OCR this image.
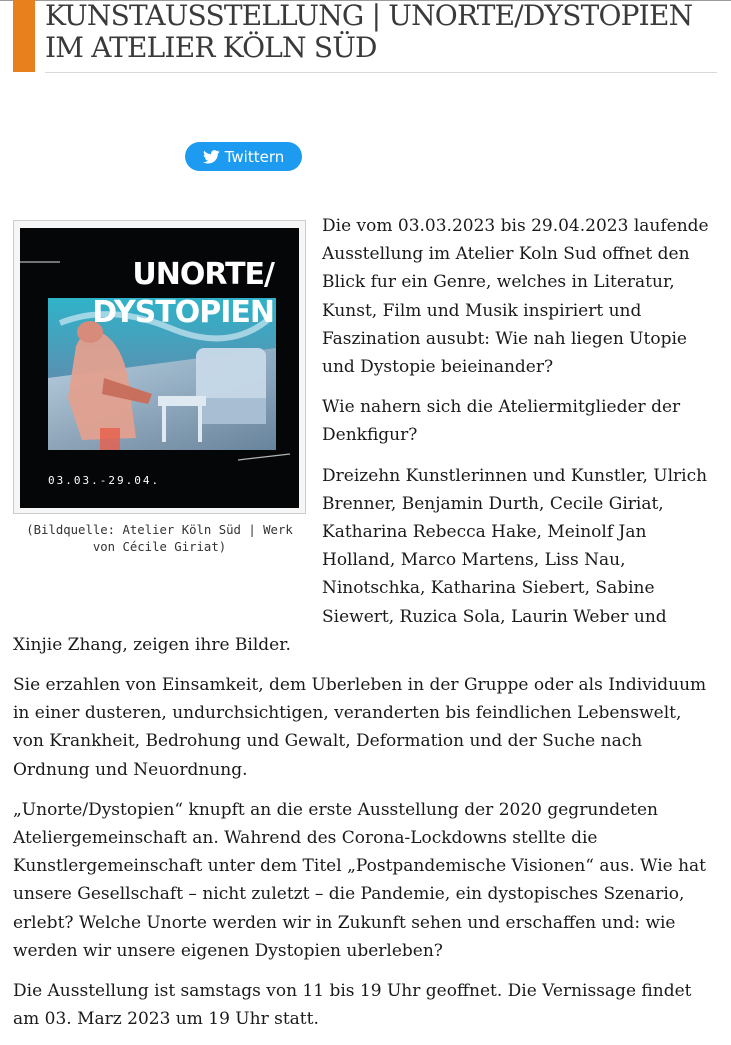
KUNSTAUSSTELLUNG | UNORTE/DYSTOPIEN IM ATELIER KÖLN SÜD
Twittern
UNORTE/
DYSTOPIEN
03.03.-29.04.

(Bildquelle: Atelier Köln Süd | Werk von Cécile Giriat)

Die vom 03.03.2023 bis 29.04.2023 laufende Ausstellung im Atelier Koln Sud offnet den Blick fur ein Genre, welches in Literatur, Kunst, Film und Musik inspiriert und Faszination ausubt: Wie nah liegen Utopie und Dystopie beieinander?

Wie nahern sich die Ateliermitglieder der Denkfigur?

Dreizehn Kunstlerinnen und Kunstler, Ulrich Brenner, Benjamin Durth, Cecile Giriat, Katharina Rebecca Hake, Meinolf Jan Holland, Marco Martens, Liss Nau, Ninotschka, Katharina Siebert, Sabine Siewert, Ruzica Sola, Laurin Weber und Xinjie Zhang, zeigen ihre Bilder.

Sie erzahlen von Einsamkeit, dem Uberleben in der Gruppe oder als Individuum in einer dusteren, undurchsichtigen, veranderten bis feindlichen Lebenswelt, von Krankheit, Bedrohung und Gewalt, Deformation und der Suche nach Ordnung und Neuordnung.

„Unorte/Dystopien“ knupft an die erste Ausstellung der 2020 gegrundeten Ateliergemeinschaft an. Wahrend des Corona-Lockdowns stellte die Kunstlergemeinschaft unter dem Titel „Postpandemische Visionen“ aus. Wie hat unsere Gesellschaft – nicht zuletzt – die Pandemie, ein dystopisches Szenario, erlebt? Welche Unorte werden wir in Zukunft sehen und erschaffen und: wie werden wir unsere eigenen Dystopien uberleben?

Die Ausstellung ist samstags von 11 bis 19 Uhr geoffnet. Die Vernissage findet am 03. Marz 2023 um 19 Uhr statt.
